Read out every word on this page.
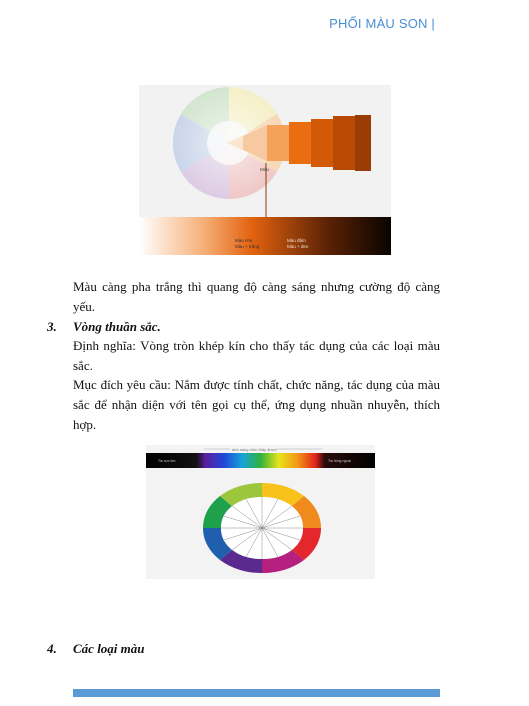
PHỐI MÀU SON |
Màu
Màu nhẹ
Màu + trắng
Màu đậm
Màu + đen
Màu càng pha trắng thì quang độ càng sáng nhưng cường độ càng yếu.
3. Vòng thuần sắc.
Định nghĩa: Vòng tròn khép kín cho thấy tác dụng của các loại màu sắc.
Mục đích yêu cầu: Nắm được tính chất, chức năng, tác dụng của màu sắc để nhận diện với tên gọi cụ thể, ứng dụng nhuần nhuyễn, thích hợp.
ánh sáng nhìn thấy được
Tia cực tím	Tia hồng ngoại
4. Các loại màu
